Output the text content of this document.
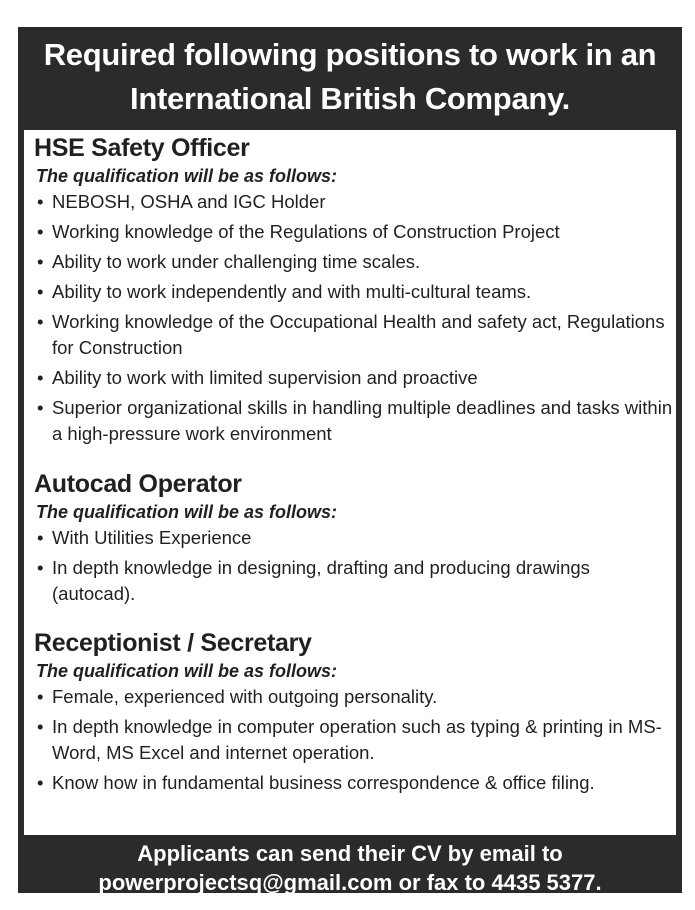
Required following positions to work in an
International British Company.
HSE Safety Officer

The qualification will be as follows:

• NEBOSH, OSHA and IGC Holder
• Working knowledge of the Regulations of Construction Project
• Ability to work under challenging time scales.
• Ability to work independently and with multi-cultural teams.
• Working knowledge of the Occupational Health and safety act, Regulations for Construction
• Ability to work with limited supervision and proactive
• Superior organizational skills in handling multiple deadlines and tasks within a high-pressure work environment
Autocad Operator

The qualification will be as follows:

• With Utilities Experience
• In depth knowledge in designing, drafting and producing drawings (autocad).
Receptionist / Secretary

The qualification will be as follows:

• Female, experienced with outgoing personality.
• In depth knowledge in computer operation such as typing & printing in MS-Word, MS Excel and internet operation.
• Know how in fundamental business correspondence & office filing.
Applicants can send their CV by email to
powerprojectsq@gmail.com or fax to 4435 5377.
